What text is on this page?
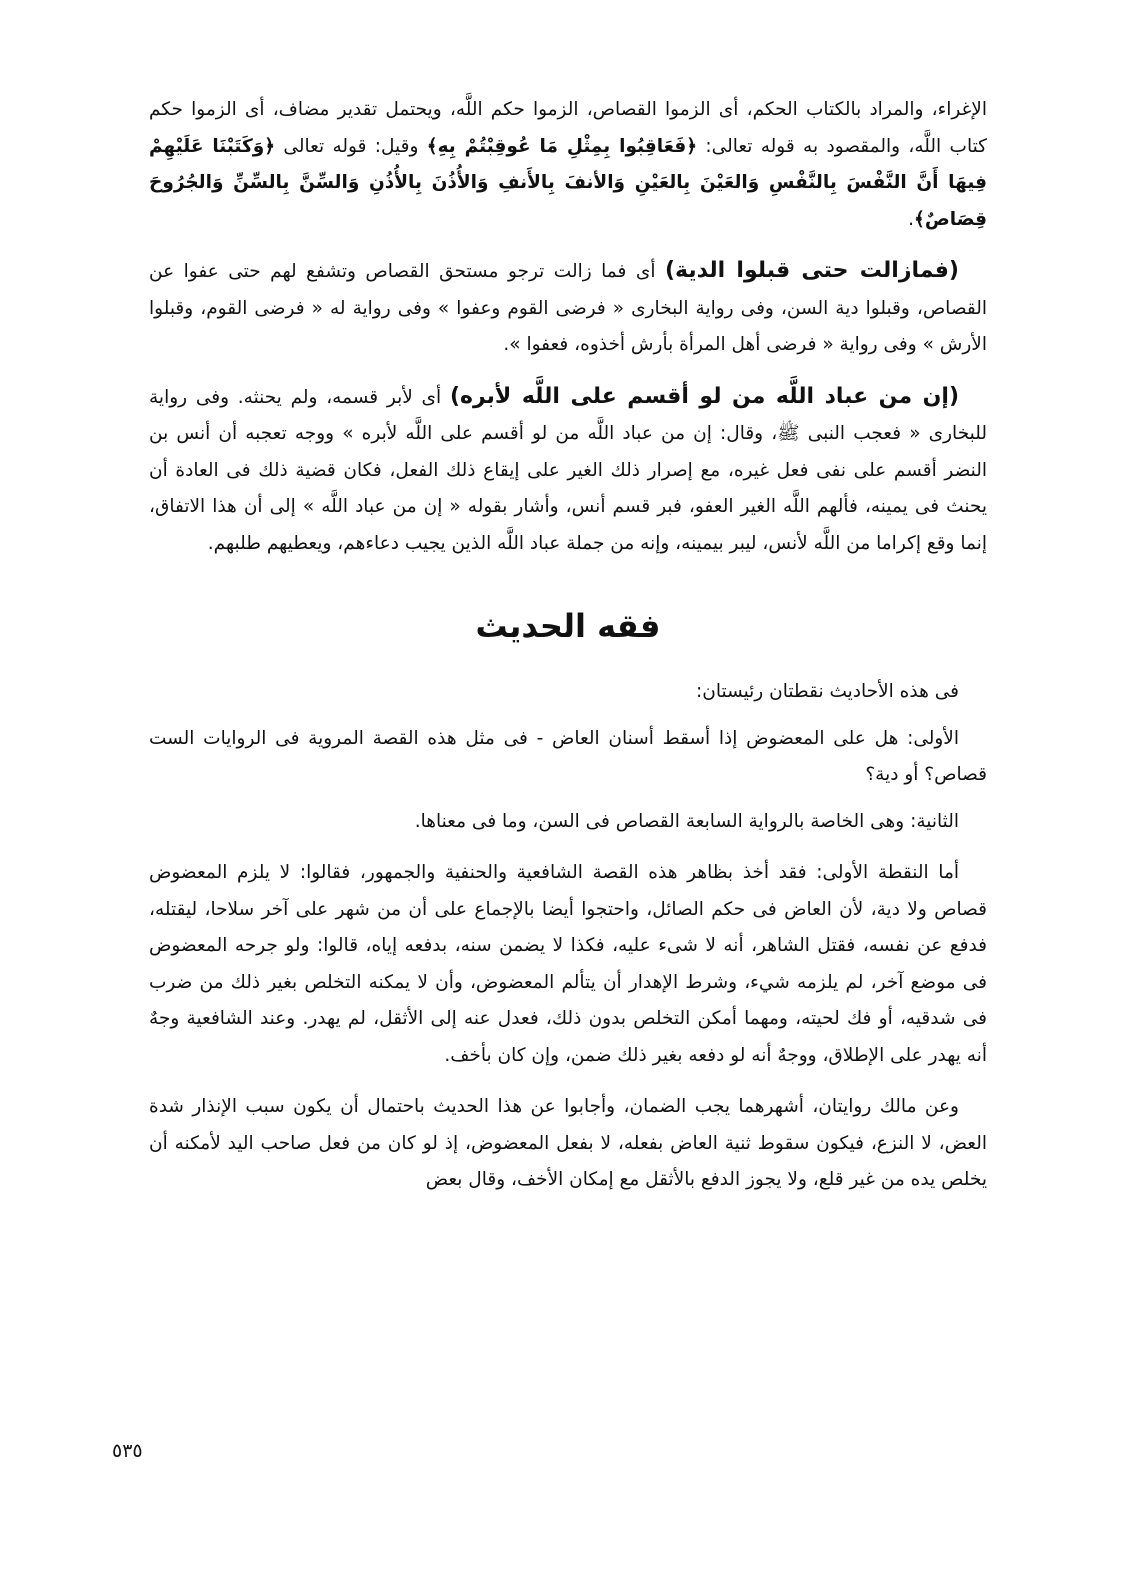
الإغراء، والمراد بالكتاب الحكم، أى الزموا القصاص، الزموا حكم اللَّه، ويحتمل تقدير مضاف، أى الزموا حكم كتاب اللَّه، والمقصود به قوله تعالى: ﴿فَعَاقِبُوا بِمِثْلِ مَا عُوقِبْتُمْ بِهِ﴾ وقيل: قوله تعالى ﴿وَكَتَبْنَا عَلَيْهِمْ فِيهَا أَنَّ النَّفْسَ بِالنَّفْسِ وَالعَيْنَ بِالعَيْنِ وَالأنفَ بِالأَنفِ وَالأُذُنَ بِالأُذُنِ وَالسِّنَّ بِالسِّنِّ وَالجُرُوحَ قِصَاصٌ﴾.

(فمازالت حتى قبلوا الدية) أى فما زالت ترجو مستحق القصاص وتشفع لهم حتى عفوا عن القصاص، وقبلوا دية السن، وفى رواية البخارى « فرضى القوم وعفوا » وفى رواية له « فرضى القوم، وقبلوا الأرش » وفى رواية « فرضى أهل المرأة بأرش أخذوه، فعفوا ».

(إن من عباد اللَّه من لو أقسم على اللَّه لأبره) أى لأبر قسمه، ولم يحنثه. وفى رواية للبخارى « فعجب النبى ﷺ، وقال: إن من عباد اللَّه من لو أقسم على اللَّه لأبره » ووجه تعجبه أن أنس بن النضر أقسم على نفى فعل غيره، مع إصرار ذلك الغير على إيقاع ذلك الفعل، فكان قضية ذلك فى العادة أن يحنث فى يمينه، فألهم اللَّه الغير العفو، فبر قسم أنس، وأشار بقوله « إن من عباد اللَّه » إلى أن هذا الاتفاق، إنما وقع إكراما من اللَّه لأنس، ليبر بيمينه، وإنه من جملة عباد اللَّه الذين يجيب دعاءهم، ويعطيهم طلبهم.

فقه الحديث

فى هذه الأحاديث نقطتان رئيستان:

الأولى: هل على المعضوض إذا أسقط أسنان العاض - فى مثل هذه القصة المروية فى الروايات الست قصاص؟ أو دية؟

الثانية: وهى الخاصة بالرواية السابعة القصاص فى السن، وما فى معناها.

أما النقطة الأولى: فقد أخذ بظاهر هذه القصة الشافعية والحنفية والجمهور، فقالوا: لا يلزم المعضوض قصاص ولا دية، لأن العاض فى حكم الصائل، واحتجوا أيضا بالإجماع على أن من شهر على آخر سلاحا، ليقتله، فدفع عن نفسه، فقتل الشاهر، أنه لا شىء عليه، فكذا لا يضمن سنه، بدفعه إياه، قالوا: ولو جرحه المعضوض فى موضع آخر، لم يلزمه شيء، وشرط الإهدار أن يتألم المعضوض، وأن لا يمكنه التخلص بغير ذلك من ضرب فى شدقيه، أو فك لحيته، ومهما أمكن التخلص بدون ذلك، فعدل عنه إلى الأثقل، لم يهدر. وعند الشافعية وجهٌ أنه يهدر على الإطلاق، ووجهٌ أنه لو دفعه بغير ذلك ضمن، وإن كان بأخف.

وعن مالك روايتان، أشهرهما يجب الضمان، وأجابوا عن هذا الحديث باحتمال أن يكون سبب الإنذار شدة العض، لا النزع، فيكون سقوط ثنية العاض بفعله، لا بفعل المعضوض، إذ لو كان من فعل صاحب اليد لأمكنه أن يخلص يده من غير قلع، ولا يجوز الدفع بالأثقل مع إمكان الأخف، وقال بعض

٥٣٥
